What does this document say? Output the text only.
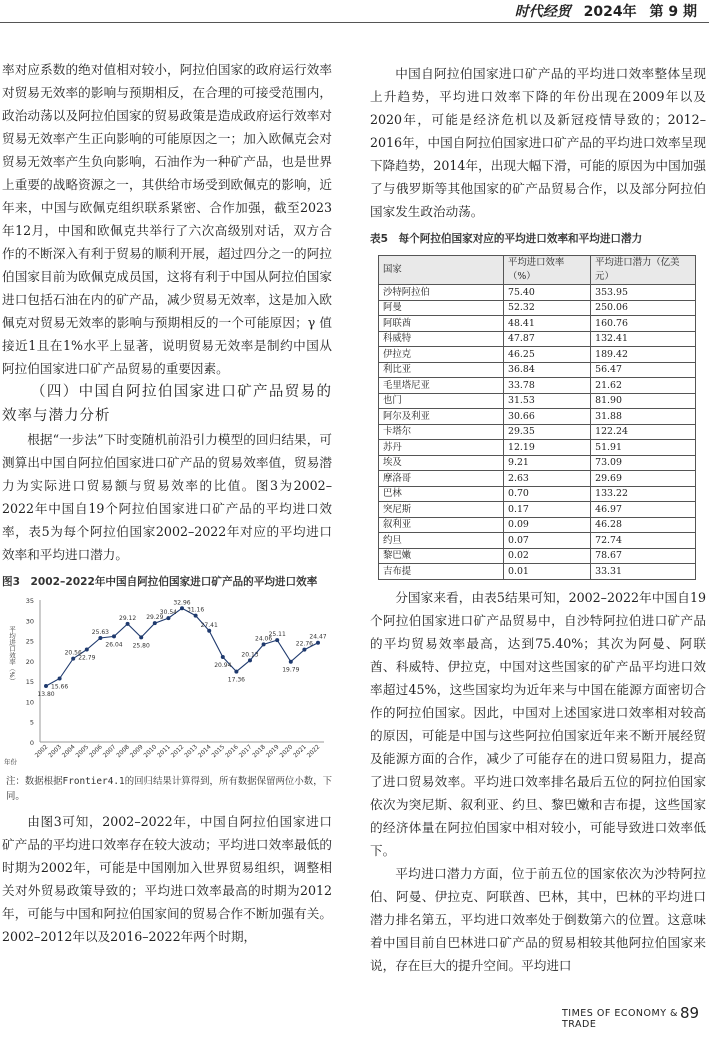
时代经贸 2024年 第 9 期

率对应系数的绝对值相对较小，阿拉伯国家的政府运行效率对贸易无效率的影响与预期相反，在合理的可接受范围内，政治动荡以及阿拉伯国家的贸易政策是造成政府运行效率对贸易无效率产生正向影响的可能原因之一；加入欧佩克会对贸易无效率产生负向影响，石油作为一种矿产品，也是世界上重要的战略资源之一，其供给市场受到欧佩克的影响，近年来，中国与欧佩克组织联系紧密、合作加强，截至2023年12月，中国和欧佩克共举行了六次高级别对话，双方合作的不断深入有利于贸易的顺利开展，超过四分之一的阿拉伯国家目前为欧佩克成员国，这将有利于中国从阿拉伯国家进口包括石油在内的矿产品，减少贸易无效率，这是加入欧佩克对贸易无效率的影响与预期相反的一个可能原因；γ 值接近1且在1%水平上显著，说明贸易无效率是制约中国从阿拉伯国家进口矿产品贸易的重要因素。

（四）中国自阿拉伯国家进口矿产品贸易的效率与潜力分析

根据“一步法”下时变随机前沿引力模型的回归结果，可测算出中国自阿拉伯国家进口矿产品的贸易效率值，贸易潜力为实际进口贸易额与贸易效率的比值。图3为2002–2022年中国自19个阿拉伯国家进口矿产品的平均进口效率，表5为每个阿拉伯国家2002–2022年对应的平均进口效率和平均进口潜力。

图3　2002–2022年中国自阿拉伯国家进口矿产品的平均进口效率
0
5
10
15
20
25
30
35
平均进口效率（%）
年份
2002
2003
2004
2005
2006
2007
2008
2009
2010
2011
2012
2013
2014
2015
2016
2017
2018
2019
2020
2021
2022
13.80
15.66
20.56
22.79
25.63
26.04
29.12
25.80
29.29
30.54
32.96
31.16
27.41
20.94
17.36
20.13
24.06
25.11
19.79
22.76
24.47
注：数据根据Frontier4.1的回归结果计算得到，所有数据保留两位小数，下同。

由图3可知，2002–2022年，中国自阿拉伯国家进口矿产品的平均进口效率存在较大波动；平均进口效率最低的时期为2002年，可能是中国刚加入世界贸易组织，调整相关对外贸易政策导致的；平均进口效率最高的时期为2012年，可能与中国和阿拉伯国家间的贸易合作不断加强有关。2002–2012年以及2016–2022年两个时期，

中国自阿拉伯国家进口矿产品的平均进口效率整体呈现上升趋势，平均进口效率下降的年份出现在2009年以及2020年，可能是经济危机以及新冠疫情导致的；2012–2016年，中国自阿拉伯国家进口矿产品的平均进口效率呈现下降趋势，2014年，出现大幅下滑，可能的原因为中国加强了与俄罗斯等其他国家的矿产品贸易合作，以及部分阿拉伯国家发生政治动荡。

表5　每个阿拉伯国家对应的平均进口效率和平均进口潜力
国家	平均进口效率（%）	平均进口潜力（亿美元）
沙特阿拉伯	75.40	353.95
阿曼	52.32	250.06
阿联酋	48.41	160.76
科威特	47.87	132.41
伊拉克	46.25	189.42
利比亚	36.84	56.47
毛里塔尼亚	33.78	21.62
也门	31.53	81.90
阿尔及利亚	30.66	31.88
卡塔尔	29.35	122.24
苏丹	12.19	51.91
埃及	9.21	73.09
摩洛哥	2.63	29.69
巴林	0.70	133.22
突尼斯	0.17	46.97
叙利亚	0.09	46.28
约旦	0.07	72.74
黎巴嫩	0.02	78.67
吉布提	0.01	33.31

分国家来看，由表5结果可知，2002–2022年中国自19个阿拉伯国家进口矿产品贸易中，自沙特阿拉伯进口矿产品的平均贸易效率最高，达到75.40%；其次为阿曼、阿联酋、科威特、伊拉克，中国对这些国家的矿产品平均进口效率超过45%，这些国家均为近年来与中国在能源方面密切合作的阿拉伯国家。因此，中国对上述国家进口效率相对较高的原因，可能是中国与这些阿拉伯国家近年来不断开展经贸及能源方面的合作，减少了可能存在的进口贸易阻力，提高了进口贸易效率。平均进口效率排名最后五位的阿拉伯国家依次为突尼斯、叙利亚、约旦、黎巴嫩和吉布提，这些国家的经济体量在阿拉伯国家中相对较小，可能导致进口效率低下。

平均进口潜力方面，位于前五位的国家依次为沙特阿拉伯、阿曼、伊拉克、阿联酋、巴林，其中，巴林的平均进口潜力排名第五，平均进口效率处于倒数第六的位置。这意味着中国目前自巴林进口矿产品的贸易相较其他阿拉伯国家来说，存在巨大的提升空间。平均进口

TIMES OF ECONOMY & TRADE
89
